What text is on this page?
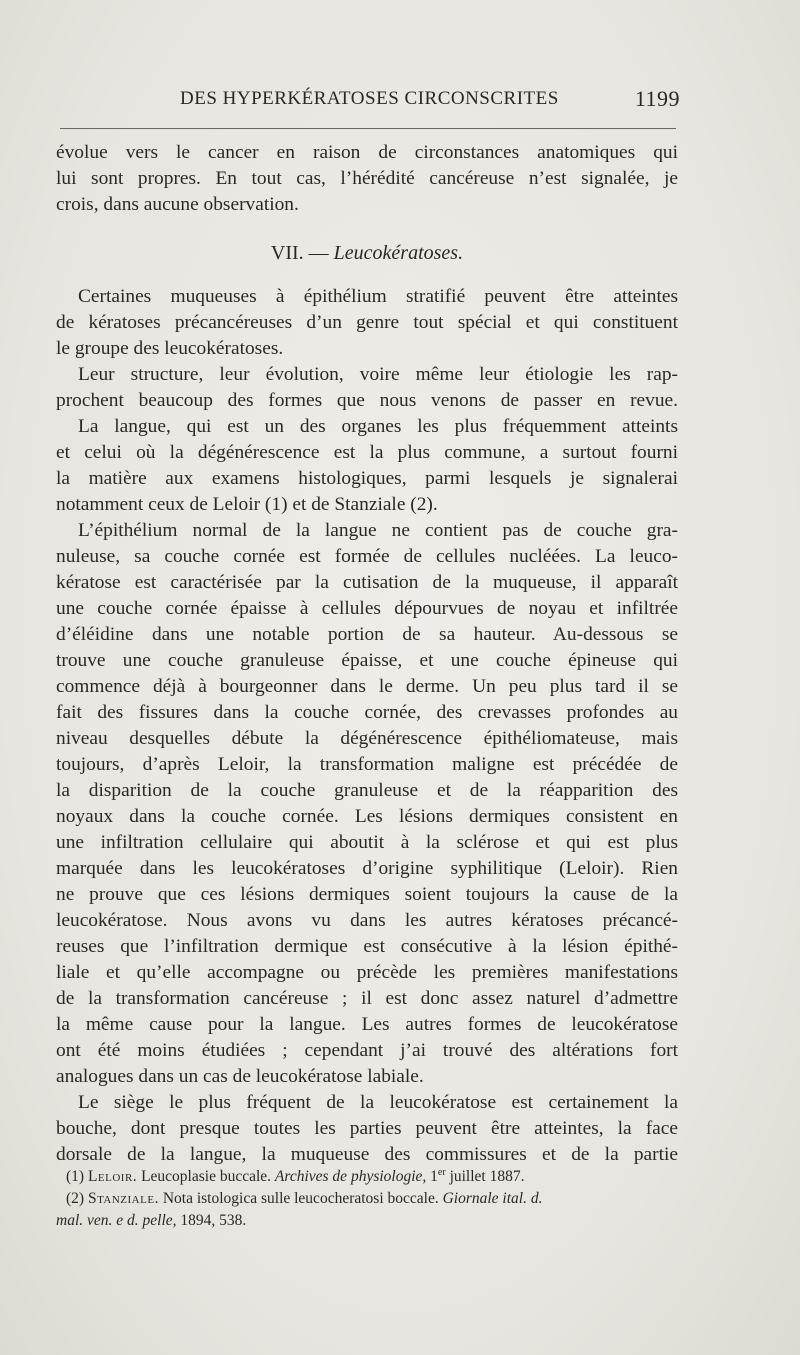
DES HYPERKÉRATOSES CIRCONSCRITES	1199
évolue vers le cancer en raison de circonstances anatomiques qui
lui sont propres. En tout cas, l’hérédité cancéreuse n’est signalée, je
crois, dans aucune observation.
VII. — Leucokératoses.
Certaines muqueuses à épithélium stratifié peuvent être atteintes
de kératoses précancéreuses d’un genre tout spécial et qui constituent
le groupe des leucokératoses.
Leur structure, leur évolution, voire même leur étiologie les rap-
prochent beaucoup des formes que nous venons de passer en revue.
La langue, qui est un des organes les plus fréquemment atteints
et celui où la dégénérescence est la plus commune, a surtout fourni
la matière aux examens histologiques, parmi lesquels je signalerai
notamment ceux de Leloir (1) et de Stanziale (2).
L’épithélium normal de la langue ne contient pas de couche gra-
nuleuse, sa couche cornée est formée de cellules nucléées. La leuco-
kératose est caractérisée par la cutisation de la muqueuse, il apparaît
une couche cornée épaisse à cellules dépourvues de noyau et infiltrée
d’éléidine dans une notable portion de sa hauteur. Au-dessous se
trouve une couche granuleuse épaisse, et une couche épineuse qui
commence déjà à bourgeonner dans le derme. Un peu plus tard il se
fait des fissures dans la couche cornée, des crevasses profondes au
niveau desquelles débute la dégénérescence épithéliomateuse, mais
toujours, d’après Leloir, la transformation maligne est précédée de
la disparition de la couche granuleuse et de la réapparition des
noyaux dans la couche cornée. Les lésions dermiques consistent en
une infiltration cellulaire qui aboutit à la sclérose et qui est plus
marquée dans les leucokératoses d’origine syphilitique (Leloir). Rien
ne prouve que ces lésions dermiques soient toujours la cause de la
leucokératose. Nous avons vu dans les autres kératoses précancé-
reuses que l’infiltration dermique est consécutive à la lésion épithé-
liale et qu’elle accompagne ou précède les premières manifestations
de la transformation cancéreuse ; il est donc assez naturel d’admettre
la même cause pour la langue. Les autres formes de leucokératose
ont été moins étudiées ; cependant j’ai trouvé des altérations fort
analogues dans un cas de leucokératose labiale.
Le siège le plus fréquent de la leucokératose est certainement la
bouche, dont presque toutes les parties peuvent être atteintes, la face
dorsale de la langue, la muqueuse des commissures et de la partie
(1) Leloir. Leucoplasie buccale. Archives de physiologie, 1er juillet 1887.
(2) Stanziale. Nota istologica sulle leucocheratosi boccale. Giornale ital. d.
mal. ven. e d. pelle, 1894, 538.
